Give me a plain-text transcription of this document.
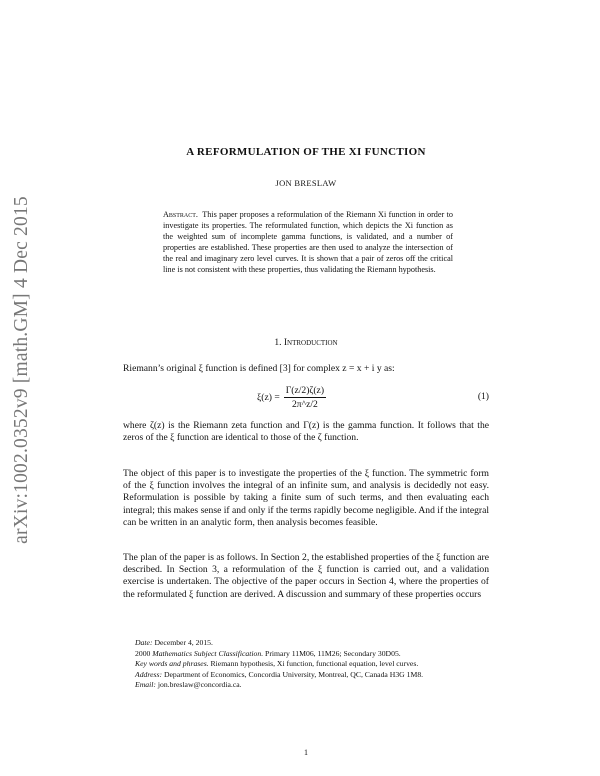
arXiv:1002.0352v9 [math.GM] 4 Dec 2015
A REFORMULATION OF THE XI FUNCTION
JON BRESLAW
Abstract. This paper proposes a reformulation of the Riemann Xi function in order to investigate its properties. The reformulated function, which depicts the Xi function as the weighted sum of incomplete gamma functions, is validated, and a number of properties are established. These properties are then used to analyze the intersection of the real and imaginary zero level curves. It is shown that a pair of zeros off the critical line is not consistent with these properties, thus validating the Riemann hypothesis.
1. Introduction

Riemann’s original ξ function is defined [3] for complex z = x + i y as:

$\xi(z) = \frac{\Gamma(z/2)\zeta(z)}{2\pi\^{}z/2}$	(1)

where ζ(z) is the Riemann zeta function and Γ(z) is the gamma function. It follows that the zeros of the ξ function are identical to those of the ζ function.

The object of this paper is to investigate the properties of the ξ function. The symmetric form of the ξ function involves the integral of an infinite sum, and analysis is decidedly not easy. Reformulation is possible by taking a finite sum of such terms, and then evaluating each integral; this makes sense if and only if the terms rapidly become negligible. And if the integral can be written in an analytic form, then analysis becomes feasible.

The plan of the paper is as follows. In Section 2, the established properties of the ξ function are described. In Section 3, a reformulation of the ξ function is carried out, and a validation exercise is undertaken. The objective of the paper occurs in Section 4, where the properties of the reformulated ξ function are derived. A discussion and summary of these properties occurs

Date: December 4, 2015.

2000 Mathematics Subject Classification. Primary 11M06, 11M26; Secondary 30D05.

Key words and phrases. Riemann hypothesis, Xi function, functional equation, level curves.

Address: Department of Economics, Concordia University, Montreal, QC, Canada H3G 1M8.

Email: jon.breslaw@concordia.ca.

1
